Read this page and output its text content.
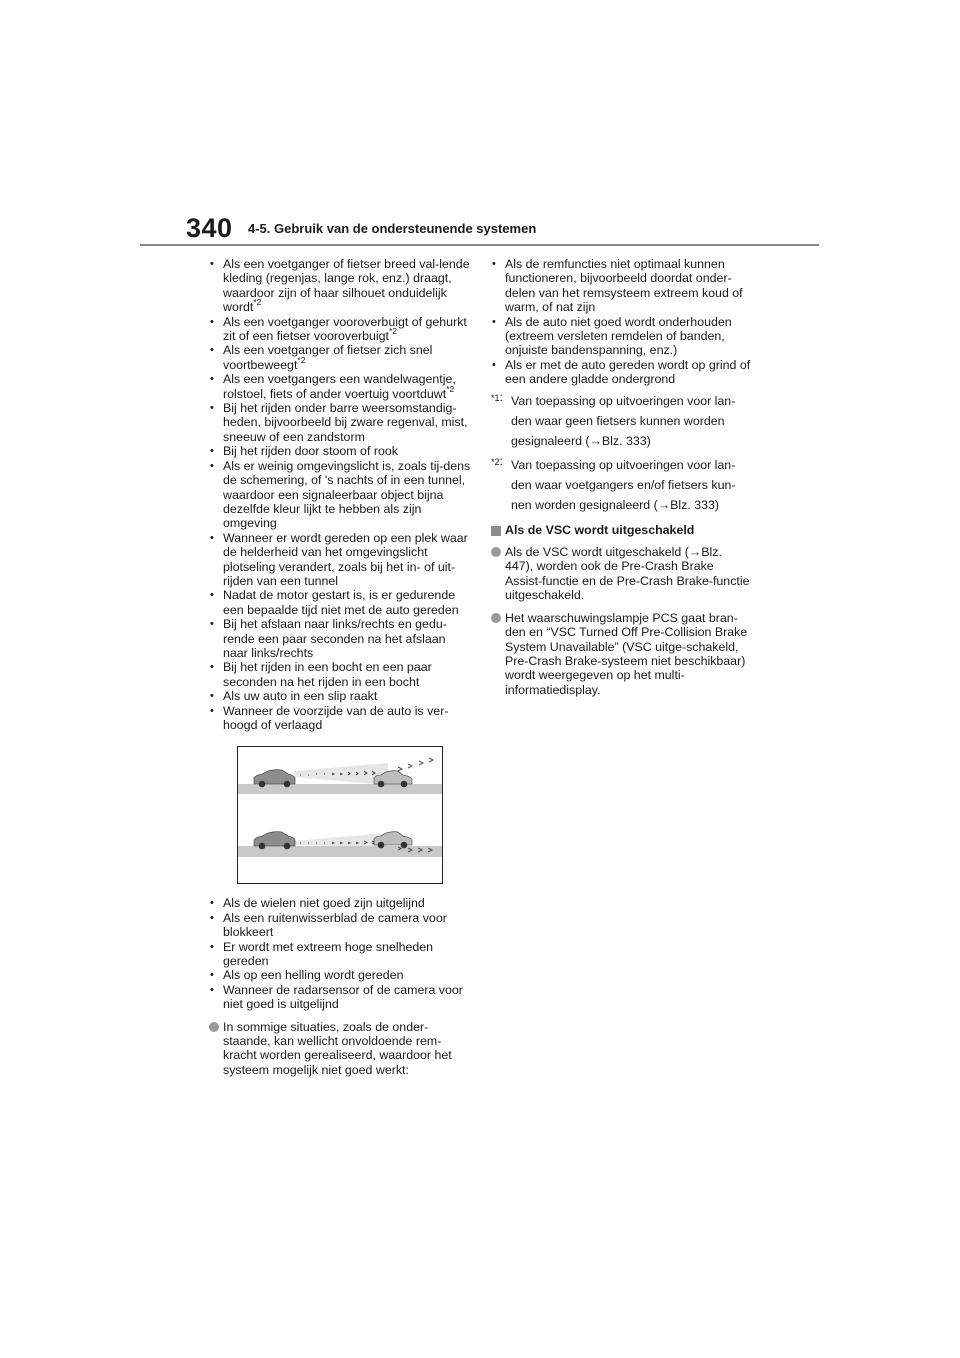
340 4-5. Gebruik van de ondersteunende systemen
• Als een voetganger of fietser breed val-lende kleding (regenjas, lange rok, enz.) draagt, waardoor zijn of haar silhouet onduidelijk wordt$^{*2}$
• Als een voetganger vooroverbuigt of gehurkt zit of een fietser vooroverbuigt$^{*2}$
• Als een voetganger of fietser zich snel voortbeweegt$^{*2}$
• Als een voetgangers een wandelwagentje, rolstoel, fiets of ander voertuig voortduwt$^{*2}$
• Bij het rijden onder barre weersomstandig-heden, bijvoorbeeld bij zware regenval, mist, sneeuw of een zandstorm
• Bij het rijden door stoom of rook
• Als er weinig omgevingslicht is, zoals tij-dens de schemering, of 's nachts of in een tunnel, waardoor een signaleerbaar object bijna dezelfde kleur lijkt te hebben als zijn omgeving
• Wanneer er wordt gereden op een plek waar de helderheid van het omgevingslicht plotseling verandert, zoals bij het in- of uit-rijden van een tunnel
• Nadat de motor gestart is, is er gedurende een bepaalde tijd niet met de auto gereden
• Bij het afslaan naar links/rechts en gedu-rende een paar seconden na het afslaan naar links/rechts
• Bij het rijden in een bocht en een paar seconden na het rijden in een bocht
• Als uw auto in een slip raakt
• Wanneer de voorzijde van de auto is ver-hoogd of verlaagd
• Als de wielen niet goed zijn uitgelijnd
• Als een ruitenwisserblad de camera voor blokkeert
• Er wordt met extreem hoge snelheden gereden
• Als op een helling wordt gereden
• Wanneer de radarsensor of de camera voor niet goed is uitgelijnd
In sommige situaties, zoals de onder-staande, kan wellicht onvoldoende rem-kracht worden gerealiseerd, waardoor het systeem mogelijk niet goed werkt:
• Als de remfuncties niet optimaal kunnen functioneren, bijvoorbeeld doordat onder-delen van het remsysteem extreem koud of warm, of nat zijn
• Als de auto niet goed wordt onderhouden (extreem versleten remdelen of banden, onjuiste bandenspanning, enz.)
• Als er met de auto gereden wordt op grind of een andere gladde ondergrond
*1: Van toepassing op uitvoeringen voor lan-den waar geen fietsers kunnen worden gesignaleerd (→Blz. 333)
*2: Van toepassing op uitvoeringen voor lan-den waar voetgangers en/of fietsers kun-nen worden gesignaleerd (→Blz. 333)
Als de VSC wordt uitgeschakeld
Als de VSC wordt uitgeschakeld (→Blz. 447), worden ook de Pre-Crash Brake Assist-functie en de Pre-Crash Brake-functie uitgeschakeld.
Het waarschuwingslampje PCS gaat bran-den en “VSC Turned Off Pre-Collision Brake System Unavailable” (VSC uitge-schakeld, Pre-Crash Brake-systeem niet beschikbaar) wordt weergegeven op het multi-informatiedisplay.
